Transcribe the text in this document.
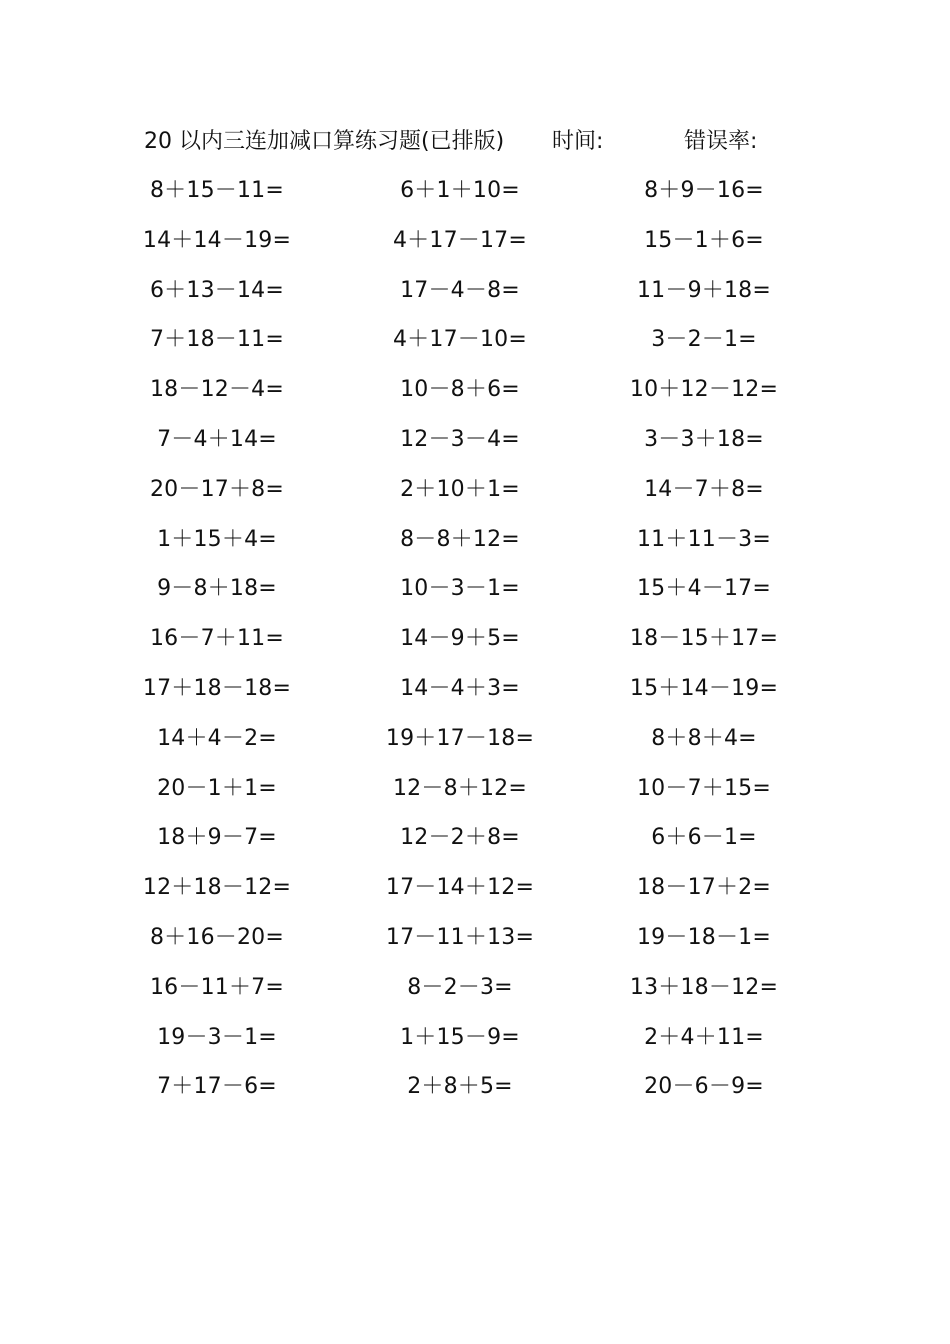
20 以内三连加减口算练习题(已排版) 时间:	错误率:
8＋15－11=	6＋1＋10=	8＋9－16=
14＋14－19=	4＋17－17=	15－1＋6=
6＋13－14=	17－4－8=	11－9＋18=
7＋18－11=	4＋17－10=	3－2－1=
18－12－4=	10－8＋6=	10＋12－12=
7－4＋14=	12－3－4=	3－3＋18=
20－17＋8=	2＋10＋1=	14－7＋8=
1＋15＋4=	8－8＋12=	11＋11－3=
9－8＋18=	10－3－1=	15＋4－17=
16－7＋11=	14－9＋5=	18－15＋17=
17＋18－18=	14－4＋3=	15＋14－19=
14＋4－2=	19＋17－18=	8＋8＋4=
20－1＋1=	12－8＋12=	10－7＋15=
18＋9－7=	12－2＋8=	6＋6－1=
12＋18－12=	17－14＋12=	18－17＋2=
8＋16－20=	17－11＋13=	19－18－1=
16－11＋7=	8－2－3=	13＋18－12=
19－3－1=	1＋15－9=	2＋4＋11=
7＋17－6=	2＋8＋5=	20－6－9=
